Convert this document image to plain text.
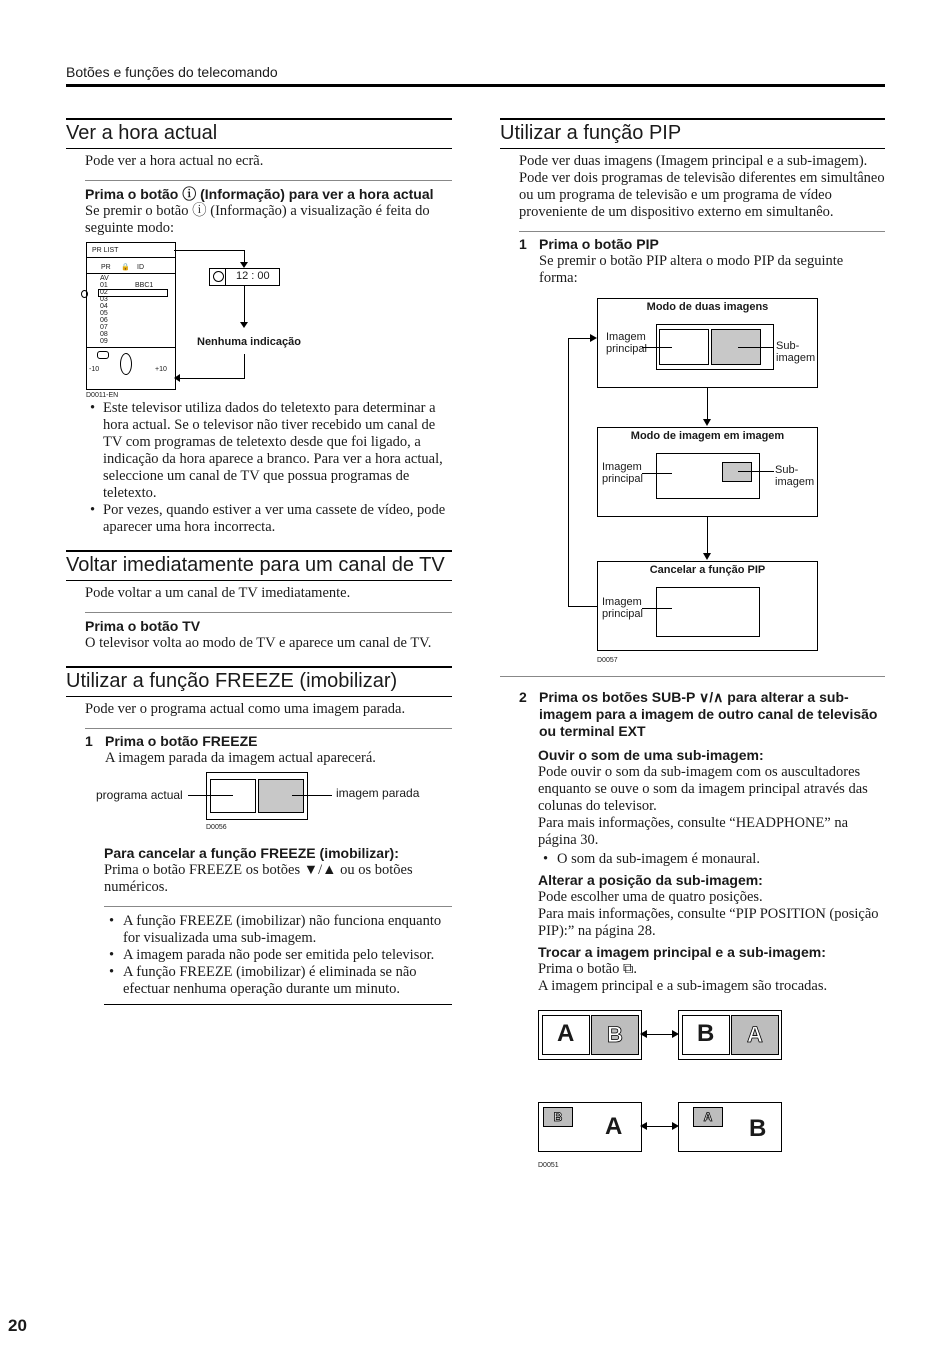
Botões e funções do telecomando
Ver a hora actual
Pode ver a hora actual no ecrã.
Prima o botão ⓘ (Informação) para ver a hora actual
Se premir o botão ⓘ (Informação) a visualização é feita do seguinte modo:
PR LIST
PR 🔒 ID
AV
01
02
03
04
05
06
07
08
09
BBC1
-10	+10
D0011-EN
12 : 00
Nenhuma indicação
• Este televisor utiliza dados do teletexto para determinar a hora actual. Se o televisor não tiver recebido um canal de TV com programas de teletexto desde que foi ligado, a indicação da hora aparece a branco. Para ver a hora actual, seleccione um canal de TV que possua programas de teletexto.
• Por vezes, quando estiver a ver uma cassete de vídeo, pode aparecer uma hora incorrecta.
Voltar imediatamente para um canal de TV
Pode voltar a um canal de TV imediatamente.
Prima o botão TV
O televisor volta ao modo de TV e aparece um canal de TV.
Utilizar a função FREEZE (imobilizar)
Pode ver o programa actual como uma imagem parada.
1 Prima o botão FREEZE
A imagem parada da imagem actual aparecerá.
programa actual	imagem parada
D0056
Para cancelar a função FREEZE (imobilizar):
Prima o botão FREEZE os botões ▼/▲ ou os botões numéricos.
• A função FREEZE (imobilizar) não funciona enquanto for visualizada uma sub-imagem.
• A imagem parada não pode ser emitida pelo televisor.
• A função FREEZE (imobilizar) é eliminada se não efectuar nenhuma operação durante um minuto.
Utilizar a função PIP
Pode ver duas imagens (Imagem principal e a sub-imagem). Pode ver dois programas de televisão diferentes em simultâneo ou um programa de televisão e um programa de vídeo proveniente de um dispositivo externo em simultanêo.
1 Prima o botão PIP
Se premir o botão PIP altera o modo PIP da seguinte forma:
Modo de duas imagens
Imagem
principal	Sub-imagem
Modo de imagem em imagem
Imagem
principal
Sub-imagem
Cancelar a função PIP
Imagem
principal
D0057
2 Prima os botões SUB-P ∨/∧ para alterar a sub-imagem para a imagem de outro canal de televisão ou terminal EXT
Ouvir o som de uma sub-imagem:
Pode ouvir o som da sub-imagem com os auscultadores enquanto se ouve o som da imagem principal através das colunas do televisor.
Para mais informações, consulte “HEADPHONE” na página 30.
• O som da sub-imagem é monaural.
Alterar a posição da sub-imagem:
Pode escolher uma de quatro posições.
Para mais informações, consulte “PIP POSITION (posição PIP):” na página 28.
Trocar a imagem principal e a sub-imagem:
Prima o botão ⧉.
A imagem principal e a sub-imagem são trocadas.
A	B	B	A
B	A	A	B
D0051
20
